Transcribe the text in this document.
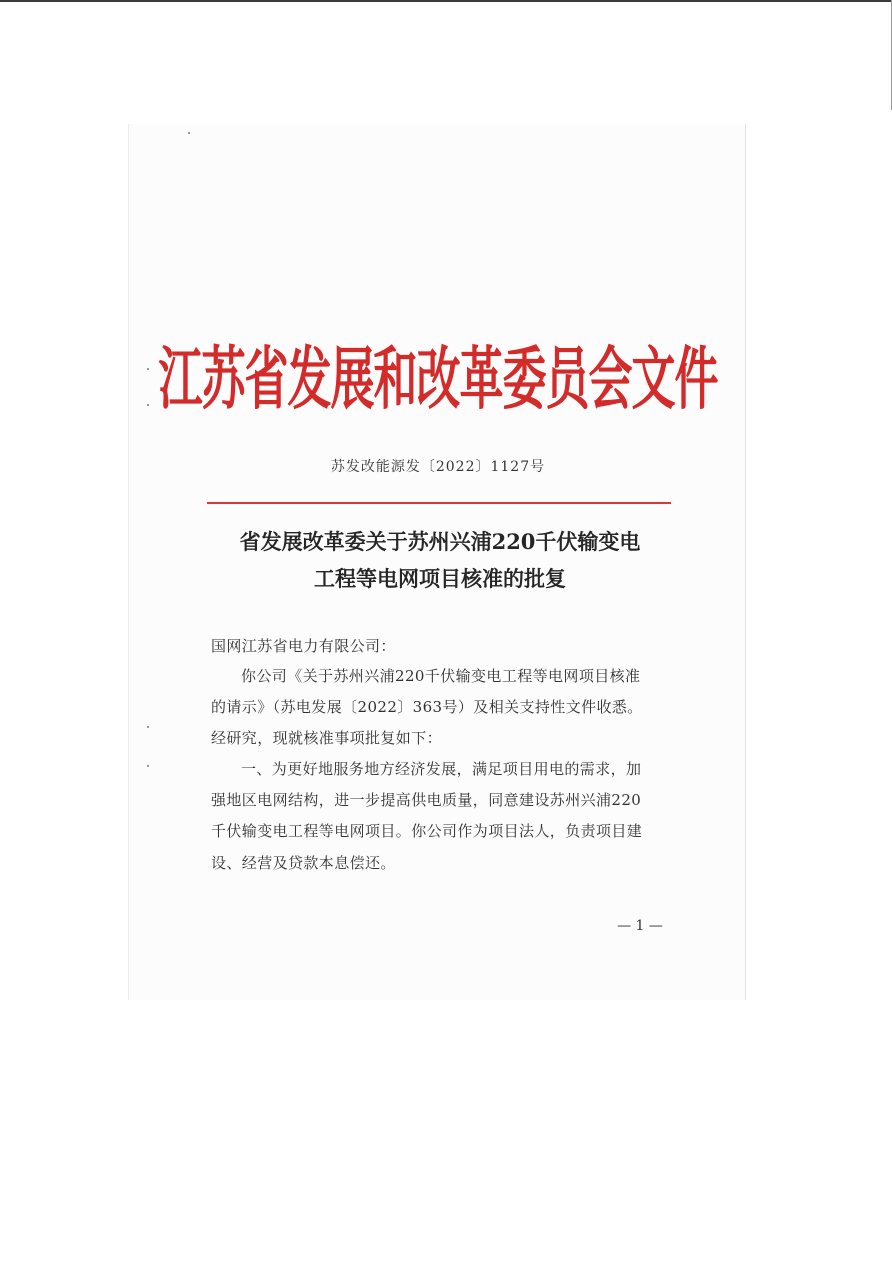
江苏省发展和改革委员会文件
苏发改能源发〔2022〕1127号
省发展改革委关于苏州兴浦220千伏输变电
工程等电网项目核准的批复

国网江苏省电力有限公司：

你公司《关于苏州兴浦220千伏输变电工程等电网项目核准
的请示》（苏电发展〔2022〕363号）及相关支持性文件收悉。
经研究，现就核准事项批复如下：

一、为更好地服务地方经济发展，满足项目用电的需求，加
强地区电网结构，进一步提高供电质量，同意建设苏州兴浦220
千伏输变电工程等电网项目。你公司作为项目法人，负责项目建
设、经营及贷款本息偿还。

— 1 —
